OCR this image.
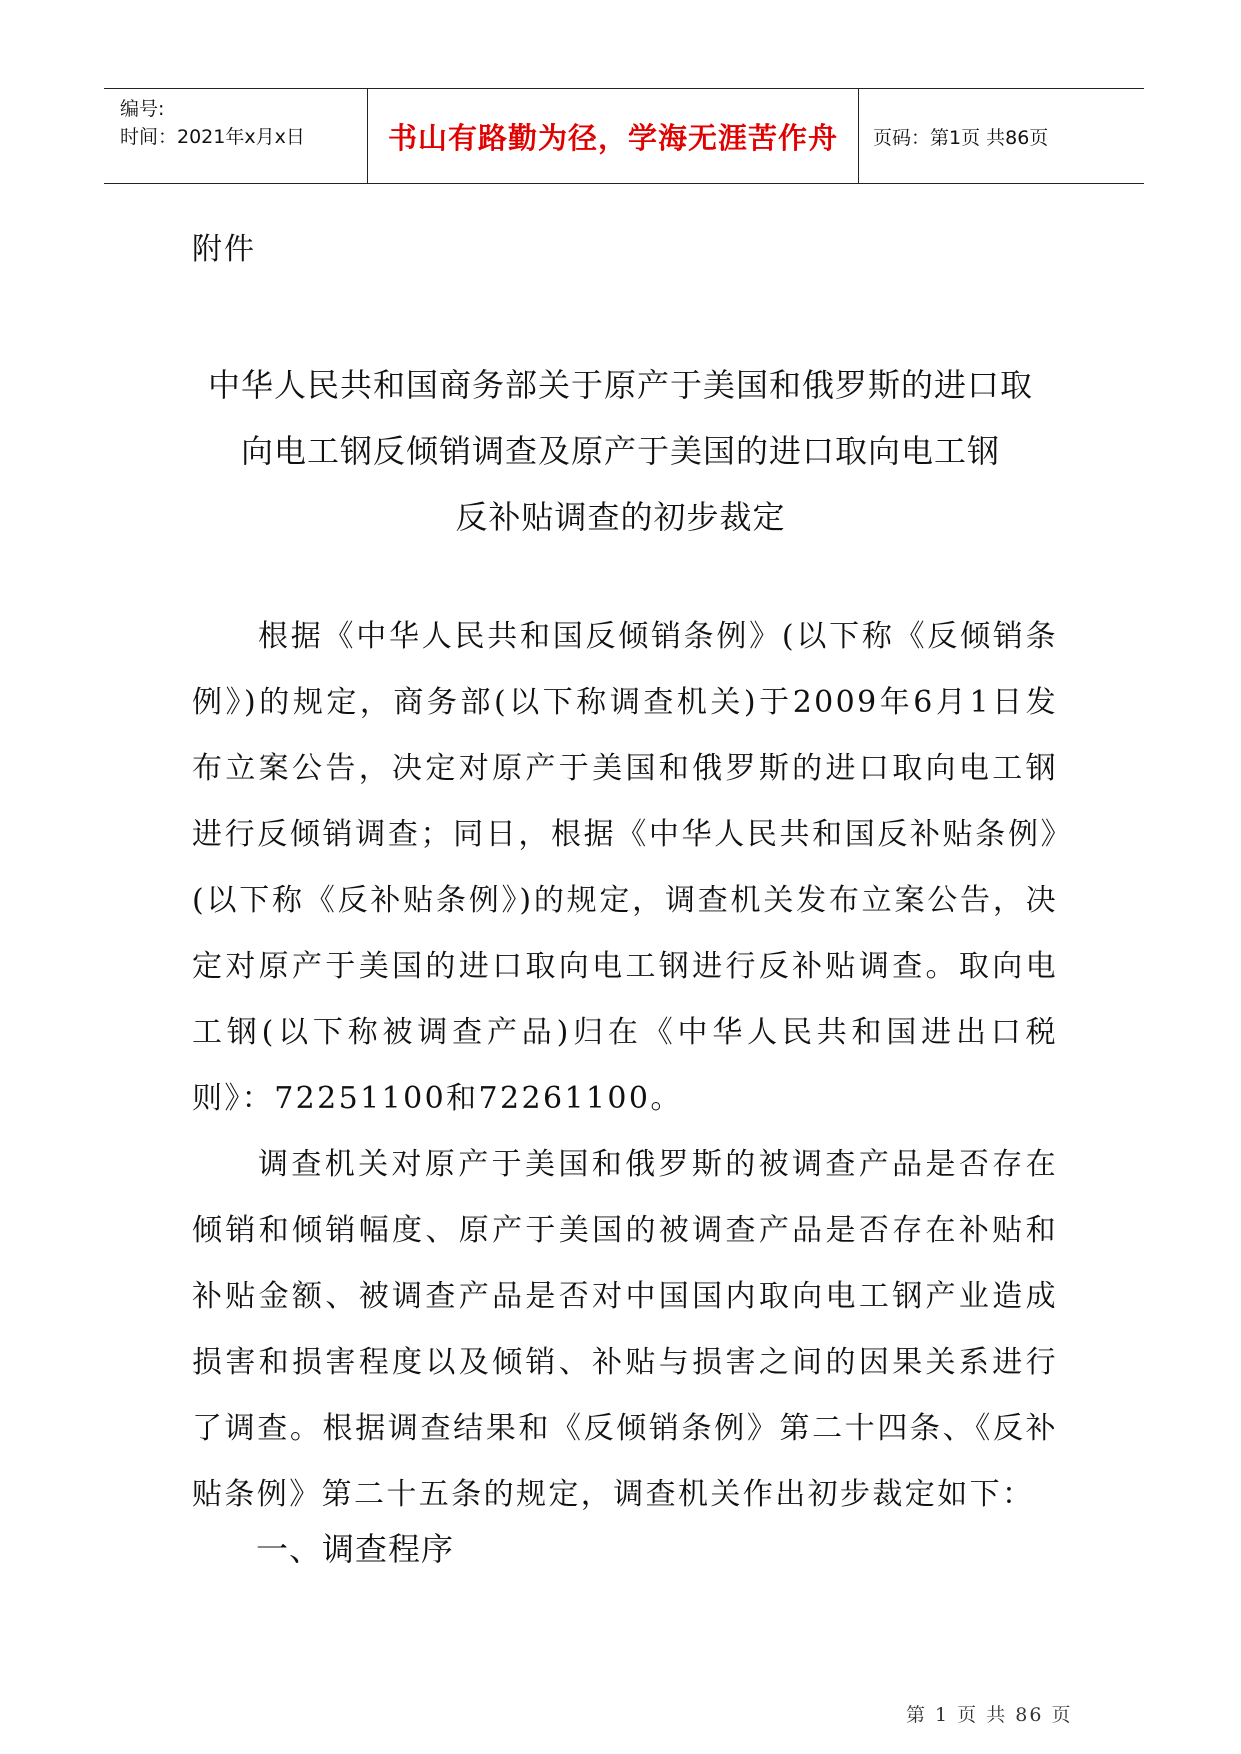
编号:
时间：2021年x月x日	书山有路勤为径，学海无涯苦作舟	页码：第1页 共86页
附件
中华人民共和国商务部关于原产于美国和俄罗斯的进口取
向电工钢反倾销调查及原产于美国的进口取向电工钢
反补贴调查的初步裁定

根据《中华人民共和国反倾销条例》(以下称《反倾销条例》)的规定，商务部(以下称调查机关)于2009年6月1日发布立案公告，决定对原产于美国和俄罗斯的进口取向电工钢进行反倾销调查；同日，根据《中华人民共和国反补贴条例》(以下称《反补贴条例》)的规定，调查机关发布立案公告，决定对原产于美国的进口取向电工钢进行反补贴调查。取向电工钢(以下称被调查产品)归在《中华人民共和国进出口税则》：72251100和72261100。

调查机关对原产于美国和俄罗斯的被调查产品是否存在倾销和倾销幅度、原产于美国的被调查产品是否存在补贴和补贴金额、被调查产品是否对中国国内取向电工钢产业造成损害和损害程度以及倾销、补贴与损害之间的因果关系进行了调查。根据调查结果和《反倾销条例》第二十四条、《反补贴条例》第二十五条的规定，调查机关作出初步裁定如下：

一、调查程序
第 1 页 共 86 页
